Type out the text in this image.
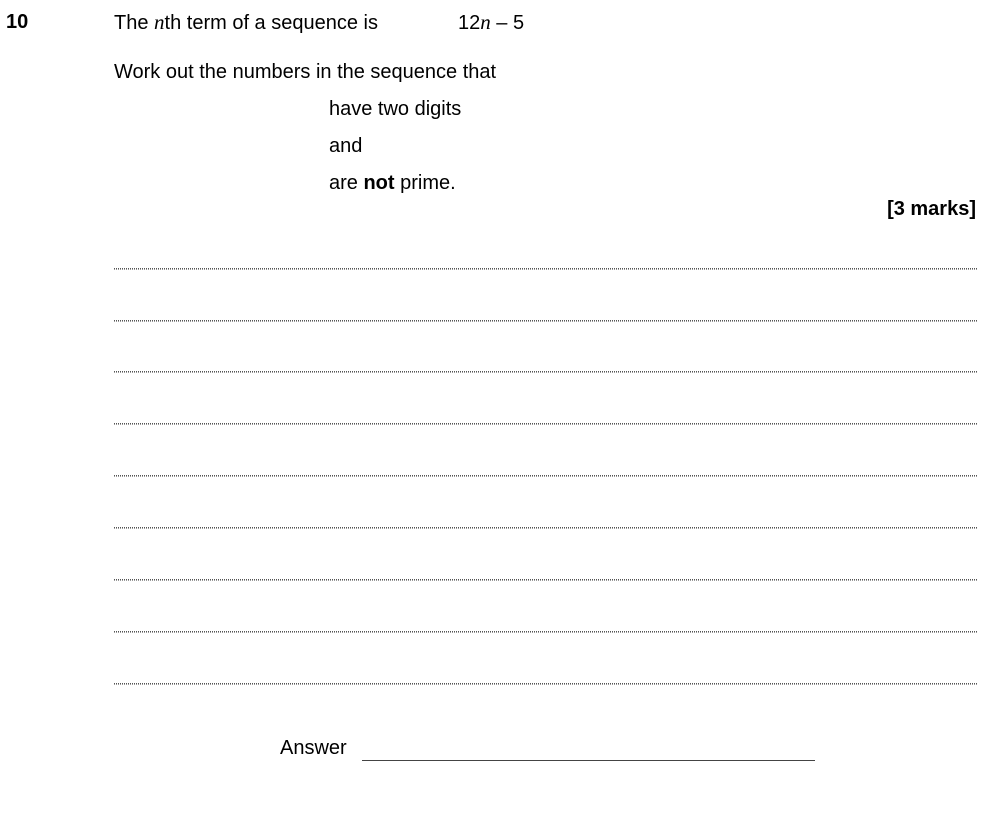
10	The nth term of a sequence is	12n – 5
Work out the numbers in the sequence that
have two digits
and
are not prime.
[3 marks]
Answer
